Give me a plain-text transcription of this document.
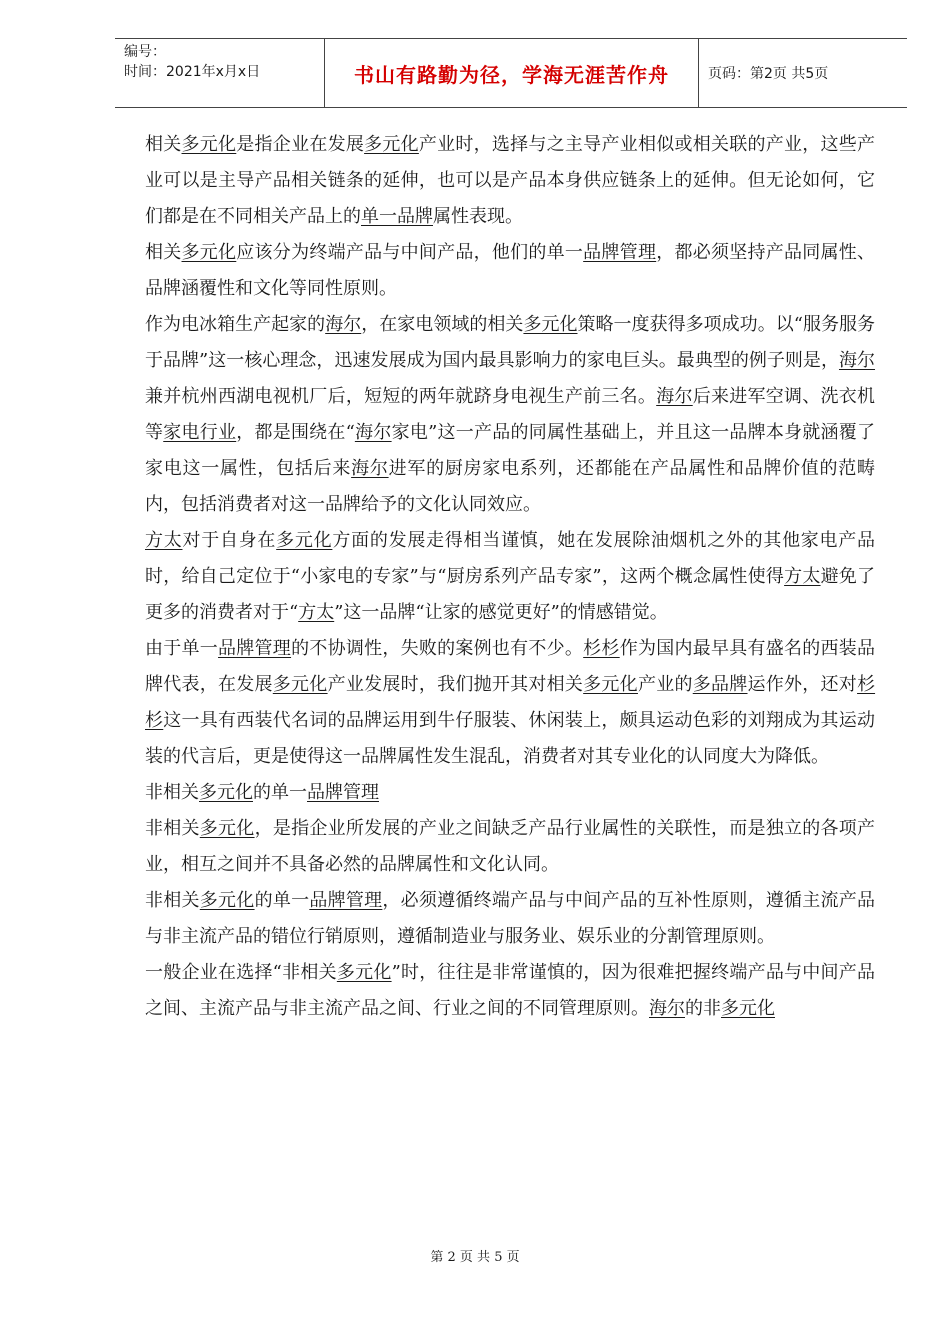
编号：
时间：2021年x月x日	书山有路勤为径，学海无涯苦作舟	页码：第2页 共5页

相关多元化是指企业在发展多元化产业时，选择与之主导产业相似或相关联的产业，这些产业可以是主导产品相关链条的延伸，也可以是产品本身供应链条上的延伸。但无论如何，它们都是在不同相关产品上的单一品牌属性表现。

相关多元化应该分为终端产品与中间产品，他们的单一品牌管理，都必须坚持产品同属性、品牌涵覆性和文化等同性原则。

作为电冰箱生产起家的海尔，在家电领域的相关多元化策略一度获得多项成功。以“服务服务于品牌”这一核心理念，迅速发展成为国内最具影响力的家电巨头。最典型的例子则是，海尔兼并杭州西湖电视机厂后，短短的两年就跻身电视生产前三名。海尔后来进军空调、洗衣机等家电行业，都是围绕在“海尔家电”这一产品的同属性基础上，并且这一品牌本身就涵覆了家电这一属性，包括后来海尔进军的厨房家电系列，还都能在产品属性和品牌价值的范畴内，包括消费者对这一品牌给予的文化认同效应。

方太对于自身在多元化方面的发展走得相当谨慎，她在发展除油烟机之外的其他家电产品时，给自己定位于“小家电的专家”与“厨房系列产品专家”，这两个概念属性使得方太避免了更多的消费者对于“方太”这一品牌“让家的感觉更好”的情感错觉。

由于单一品牌管理的不协调性，失败的案例也有不少。杉杉作为国内最早具有盛名的西装品牌代表，在发展多元化产业发展时，我们抛开其对相关多元化产业的多品牌运作外，还对杉杉这一具有西装代名词的品牌运用到牛仔服装、休闲装上，颇具运动色彩的刘翔成为其运动装的代言后，更是使得这一品牌属性发生混乱，消费者对其专业化的认同度大为降低。

非相关多元化的单一品牌管理

非相关多元化，是指企业所发展的产业之间缺乏产品行业属性的关联性，而是独立的各项产业，相互之间并不具备必然的品牌属性和文化认同。

非相关多元化的单一品牌管理，必须遵循终端产品与中间产品的互补性原则，遵循主流产品与非主流产品的错位行销原则，遵循制造业与服务业、娱乐业的分割管理原则。

一般企业在选择“非相关多元化”时，往往是非常谨慎的，因为很难把握终端产品与中间产品之间、主流产品与非主流产品之间、行业之间的不同管理原则。海尔的非多元化

第 2 页 共 5 页
